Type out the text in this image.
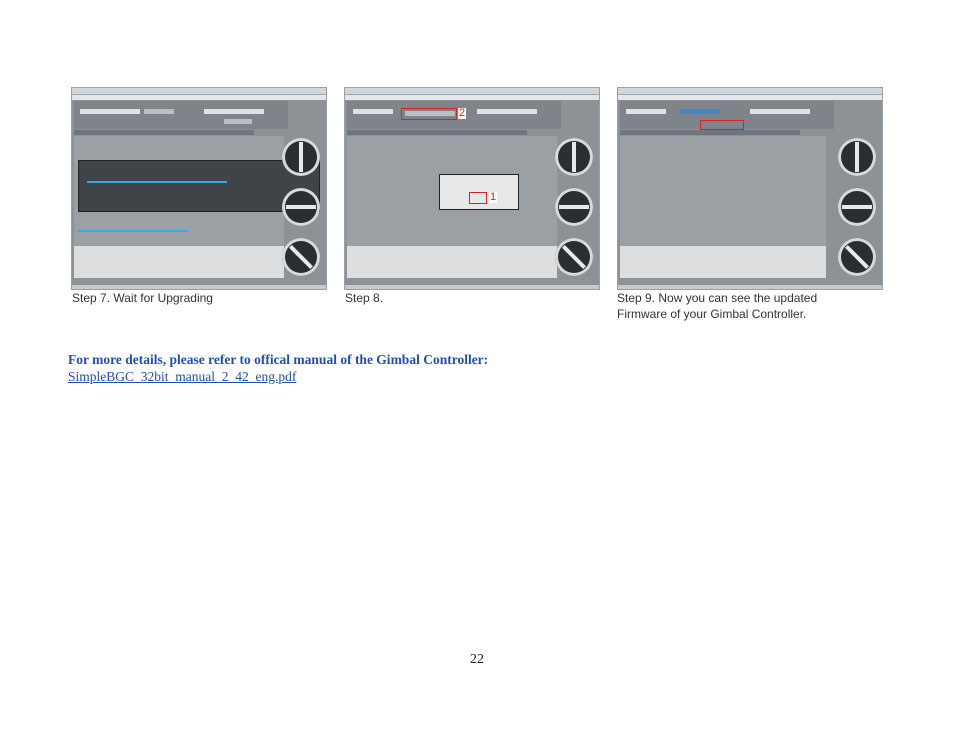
2
1
Step 7. Wait for Upgrading	Step 8.	Step 9. Now you can see the updated Firmware of your Gimbal Controller.
For more details, please refer to offical manual of the Gimbal Controller:
SimpleBGC_32bit_manual_2_42_eng.pdf
22
